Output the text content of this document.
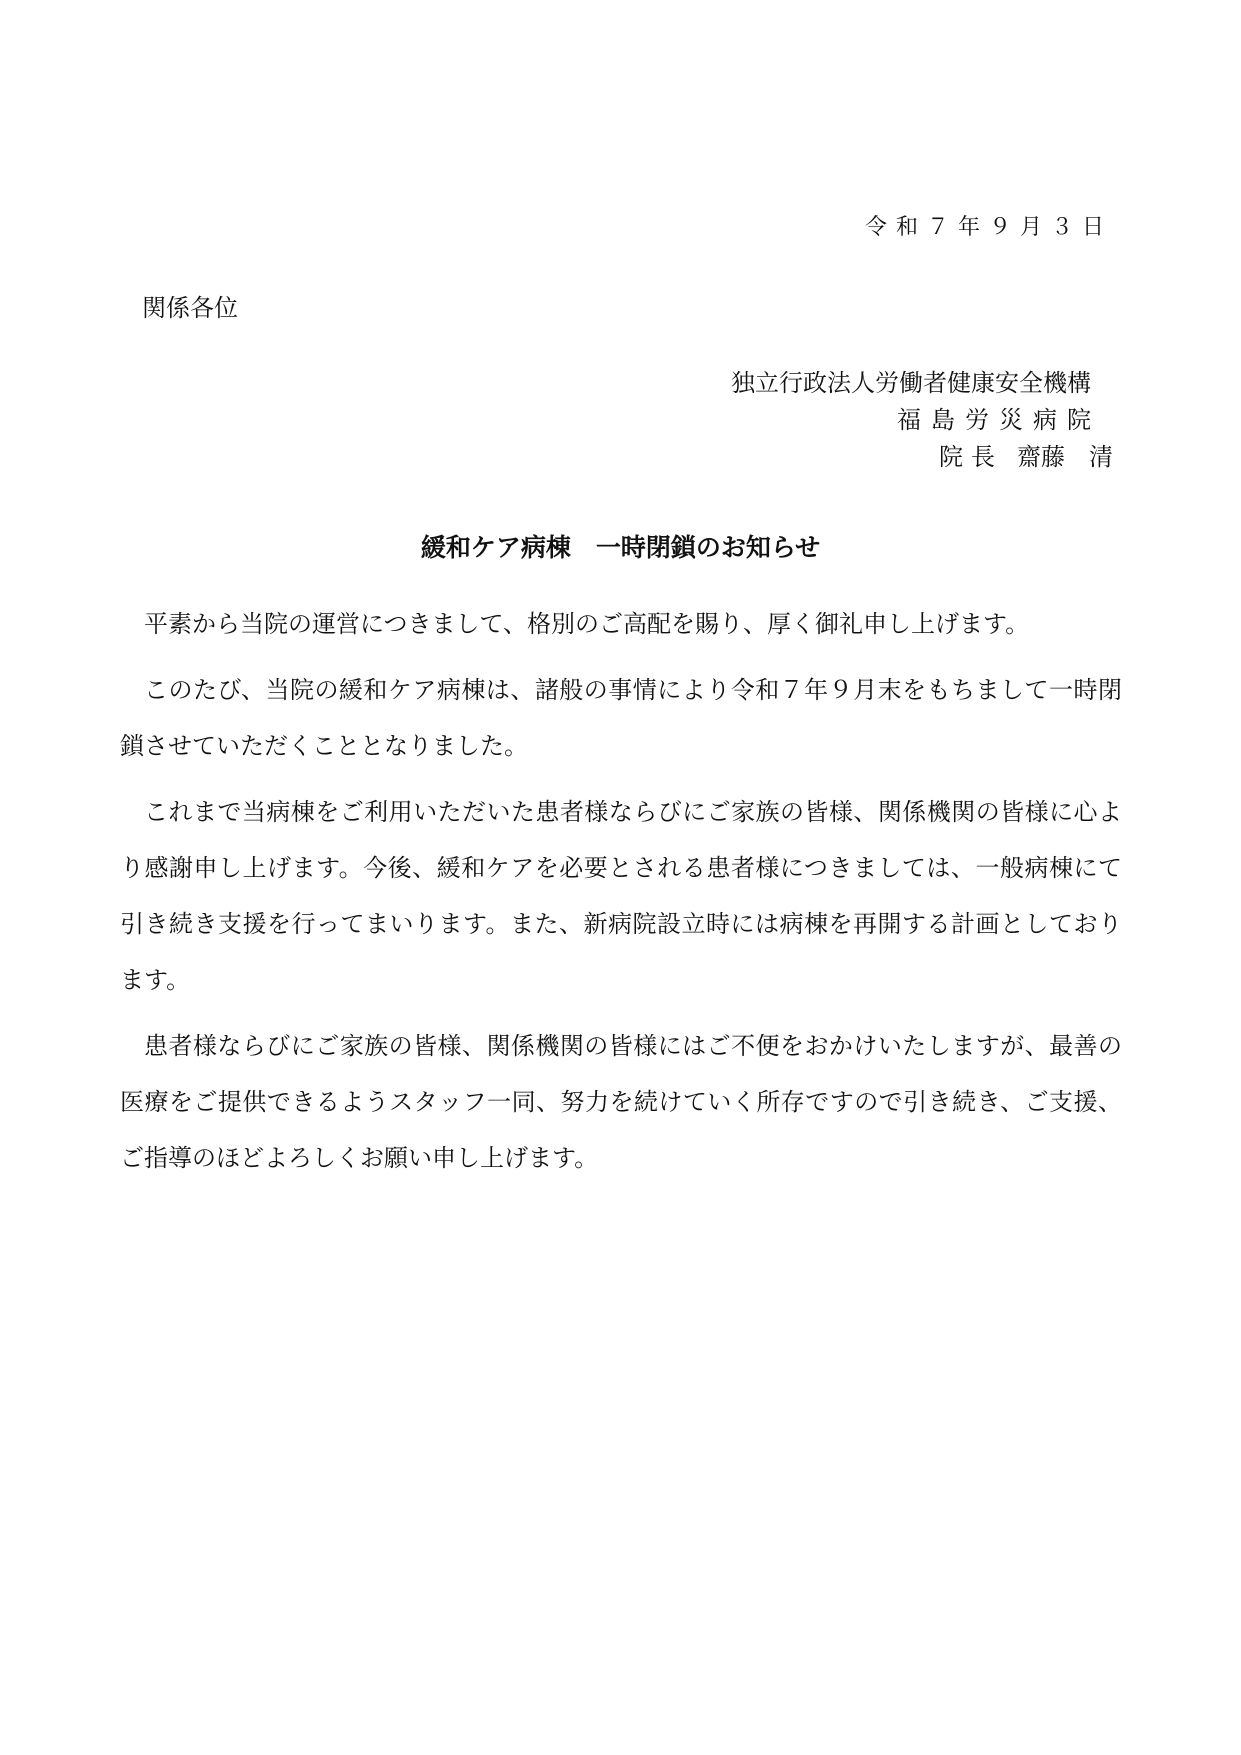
令和７年９月３日
関係各位
独立行政法人労働者健康安全機構
福島労災病院
院長 齋藤　清
緩和ケア病棟　一時閉鎖のお知らせ

平素から当院の運営につきまして、格別のご高配を賜り、厚く御礼申し上げます。

このたび、当院の緩和ケア病棟は、諸般の事情により令和７年９月末をもちまして一時閉鎖させていただくこととなりました。

これまで当病棟をご利用いただいた患者様ならびにご家族の皆様、関係機関の皆様に心より感謝申し上げます。今後、緩和ケアを必要とされる患者様につきましては、一般病棟にて引き続き支援を行ってまいります。また、新病院設立時には病棟を再開する計画としております。

患者様ならびにご家族の皆様、関係機関の皆様にはご不便をおかけいたしますが、最善の医療をご提供できるようスタッフ一同、努力を続けていく所存ですので引き続き、ご支援、ご指導のほどよろしくお願い申し上げます。
